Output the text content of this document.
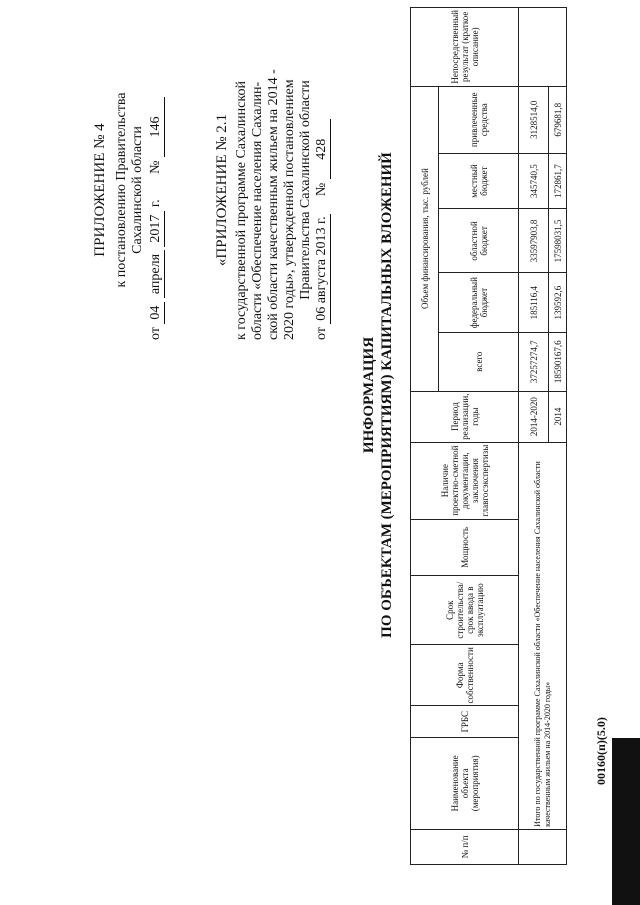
ПРИЛОЖЕНИЕ № 4 к постановлению Правительства Сахалинской области
от 04 апреля 2017 г. № 146	«ПРИЛОЖЕНИЕ № 2.1 к государственной программе Сахалинской области «Обеспечение населения Сахалин- ской области качественным жильем на 2014 - 2020 годы», утвержденной постановлением Правительства Сахалинской области
от 06 августа 2013 г. № 428
ИНФОРМАЦИЯ ПО ОБЪЕКТАМ (МЕРОПРИЯТИЯМ) КАПИТАЛЬНЫХ ВЛОЖЕНИЙ
№ п/п	Наименование объекта (мероприятия)	ГРБС	Форма собственности	Срок строительства/срок ввода в эксплуатацию	Мощность	Наличие проектно-сметной документации, заключения главгосэкспертизы	Период реализации, годы	Объем финансирования, тыс. рублей					Непосредственный результат (краткое описание)
								всего	федеральный бюджет	областной бюджет	местный бюджет	привлеченные средства	
	Итого по государственной программе Сахалинской области «Обеспечение населения Сахалинской области качественным жильем на 2014-2020 годы»						2014-2020	37257274,7	185116,4	33597903,8	345740,5	3128514,0	
							2014	18590167,6	139592,6	17598031,5	172861,7	679681,8	
00160(п)(5.0)
